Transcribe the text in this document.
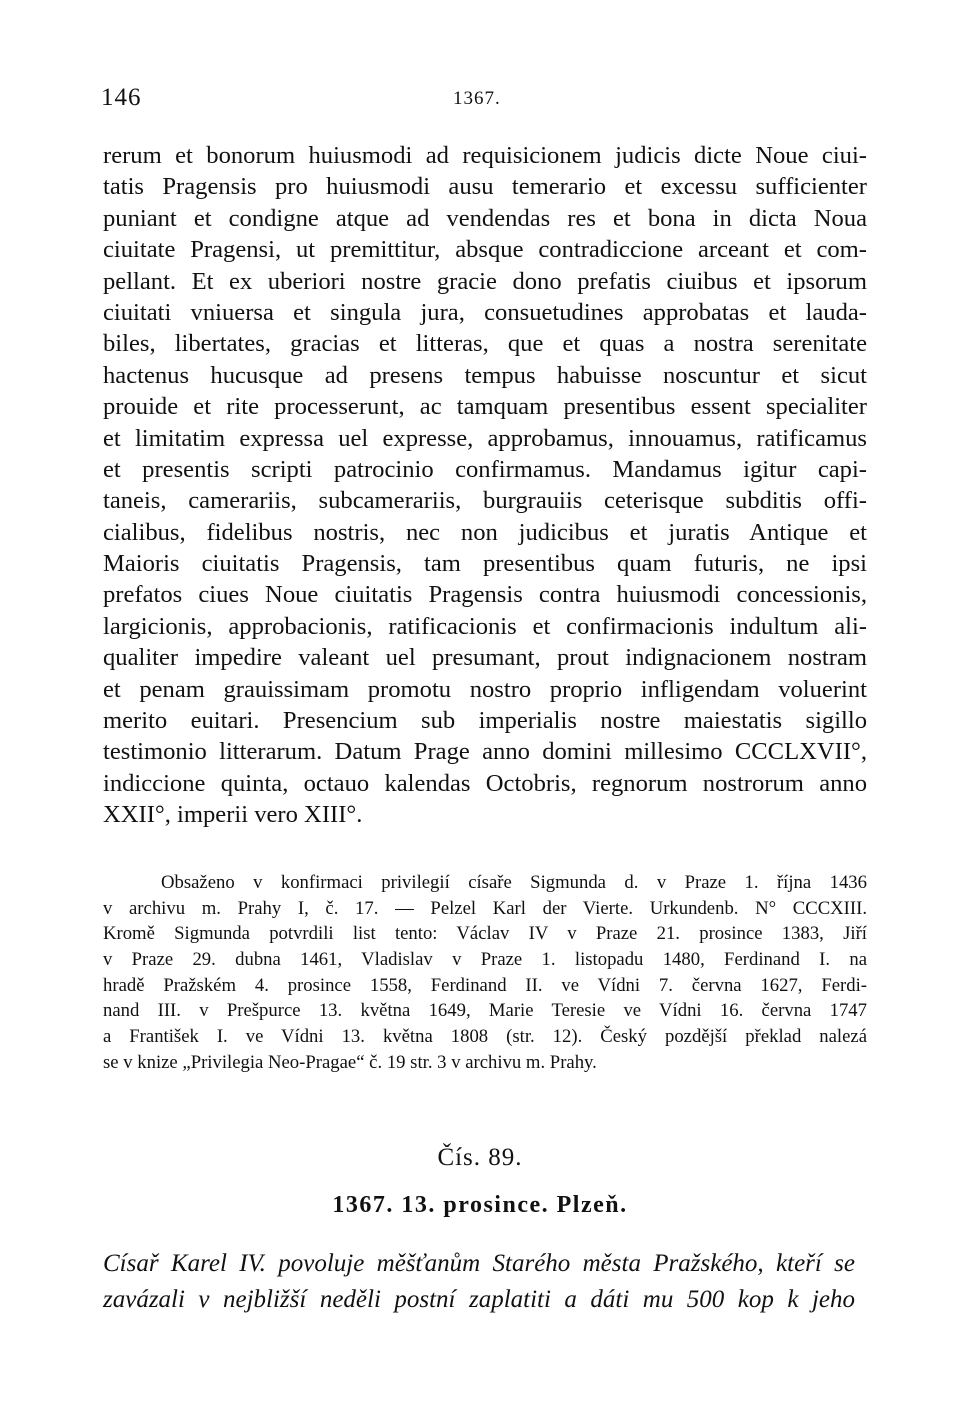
146	1367.
rerum et bonorum huiusmodi ad requisicionem judicis dicte Noue ciui-
tatis Pragensis pro huiusmodi ausu temerario et excessu sufficienter
puniant et condigne atque ad vendendas res et bona in dicta Noua
ciuitate Pragensi, ut premittitur, absque contradiccione arceant et com-
pellant. Et ex uberiori nostre gracie dono prefatis ciuibus et ipsorum
ciuitati vniuersa et singula jura, consuetudines approbatas et lauda-
biles, libertates, gracias et litteras, que et quas a nostra serenitate
hactenus hucusque ad presens tempus habuisse noscuntur et sicut
prouide et rite processerunt, ac tamquam presentibus essent specialiter
et limitatim expressa uel expresse, approbamus, innouamus, ratificamus
et presentis scripti patrocinio confirmamus. Mandamus igitur capi-
taneis, camerariis, subcamerariis, burgrauiis ceterisque subditis offi-
cialibus, fidelibus nostris, nec non judicibus et juratis Antique et
Maioris ciuitatis Pragensis, tam presentibus quam futuris, ne ipsi
prefatos ciues Noue ciuitatis Pragensis contra huiusmodi concessionis,
largicionis, approbacionis, ratificacionis et confirmacionis indultum ali-
qualiter impedire valeant uel presumant, prout indignacionem nostram
et penam grauissimam promotu nostro proprio infligendam voluerint
merito euitari. Presencium sub imperialis nostre maiestatis sigillo
testimonio litterarum. Datum Prage anno domini millesimo CCCLXVII°,
indiccione quinta, octauo kalendas Octobris, regnorum nostrorum anno
XXII°, imperii vero XIII°.
Obsaženo v konfirmaci privilegií císaře Sigmunda d. v Praze 1. října 1436
v archivu m. Prahy I, č. 17. — Pelzel Karl der Vierte. Urkundenb. N° CCCXIII.
Kromě Sigmunda potvrdili list tento: Václav IV v Praze 21. prosince 1383, Jiří
v Praze 29. dubna 1461, Vladislav v Praze 1. listopadu 1480, Ferdinand I. na
hradě Pražském 4. prosince 1558, Ferdinand II. ve Vídni 7. června 1627, Ferdi-
nand III. v Prešpurce 13. května 1649, Marie Teresie ve Vídni 16. června 1747
a František I. ve Vídni 13. května 1808 (str. 12). Český pozdější překlad nalezá
se v knize „Privilegia Neo-Pragae“ č. 19 str. 3 v archivu m. Prahy.
Čís. 89.
1367. 13. prosince. Plzeň.
Císař Karel IV. povoluje měšťanům Starého města Pražského, kteří se
zavázali v nejbližší neděli postní zaplatiti a dáti mu 500 kop k jeho
